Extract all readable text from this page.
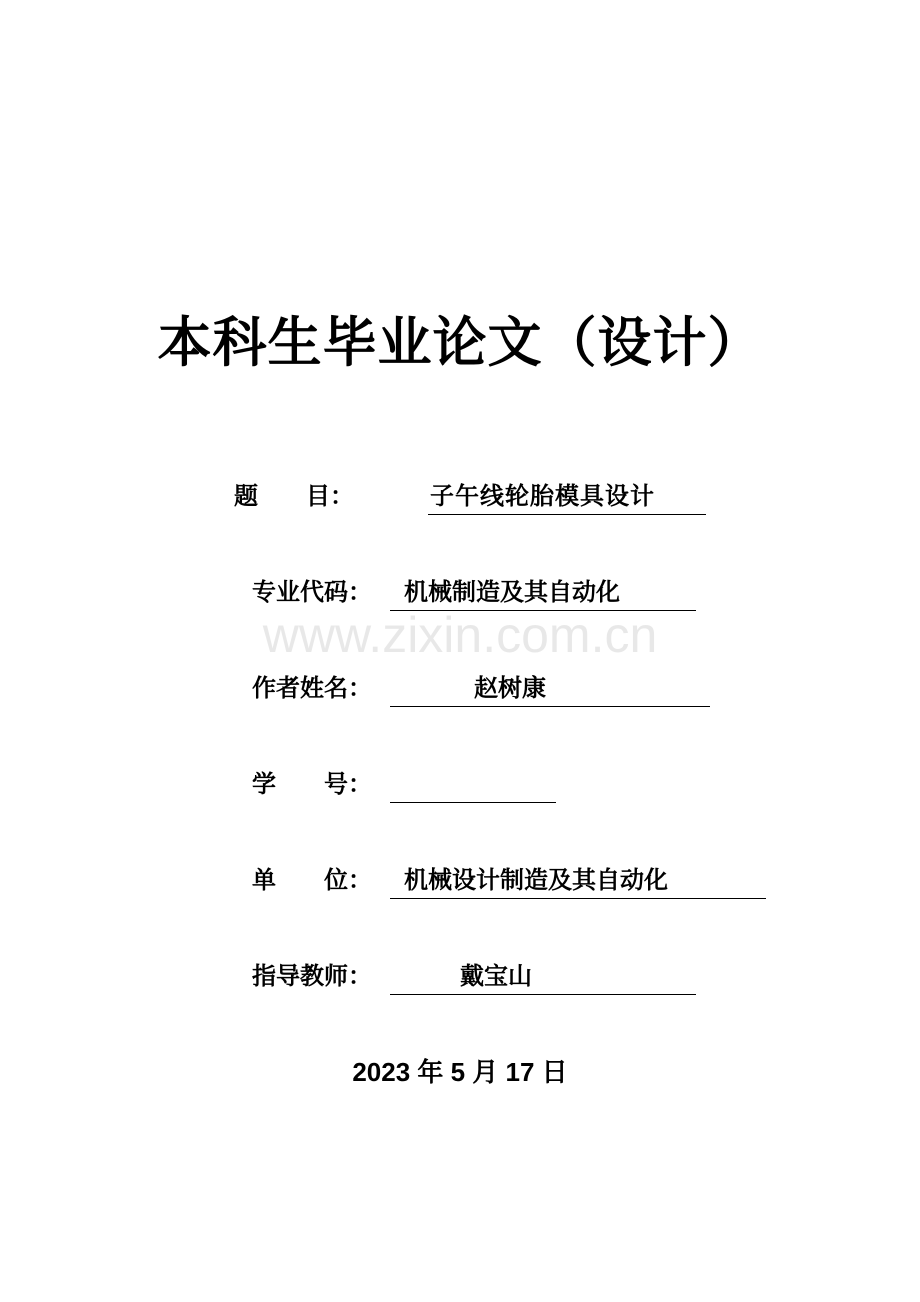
本科生毕业论文（设计）
题　　目：	子午线轮胎模具设计
专业代码： 机械制造及其自动化
www.zixin.com.cn
作者姓名：	赵树康
学　　号：
单　　位： 机械设计制造及其自动化
指导教师：	戴宝山
2023 年 5 月 17 日
